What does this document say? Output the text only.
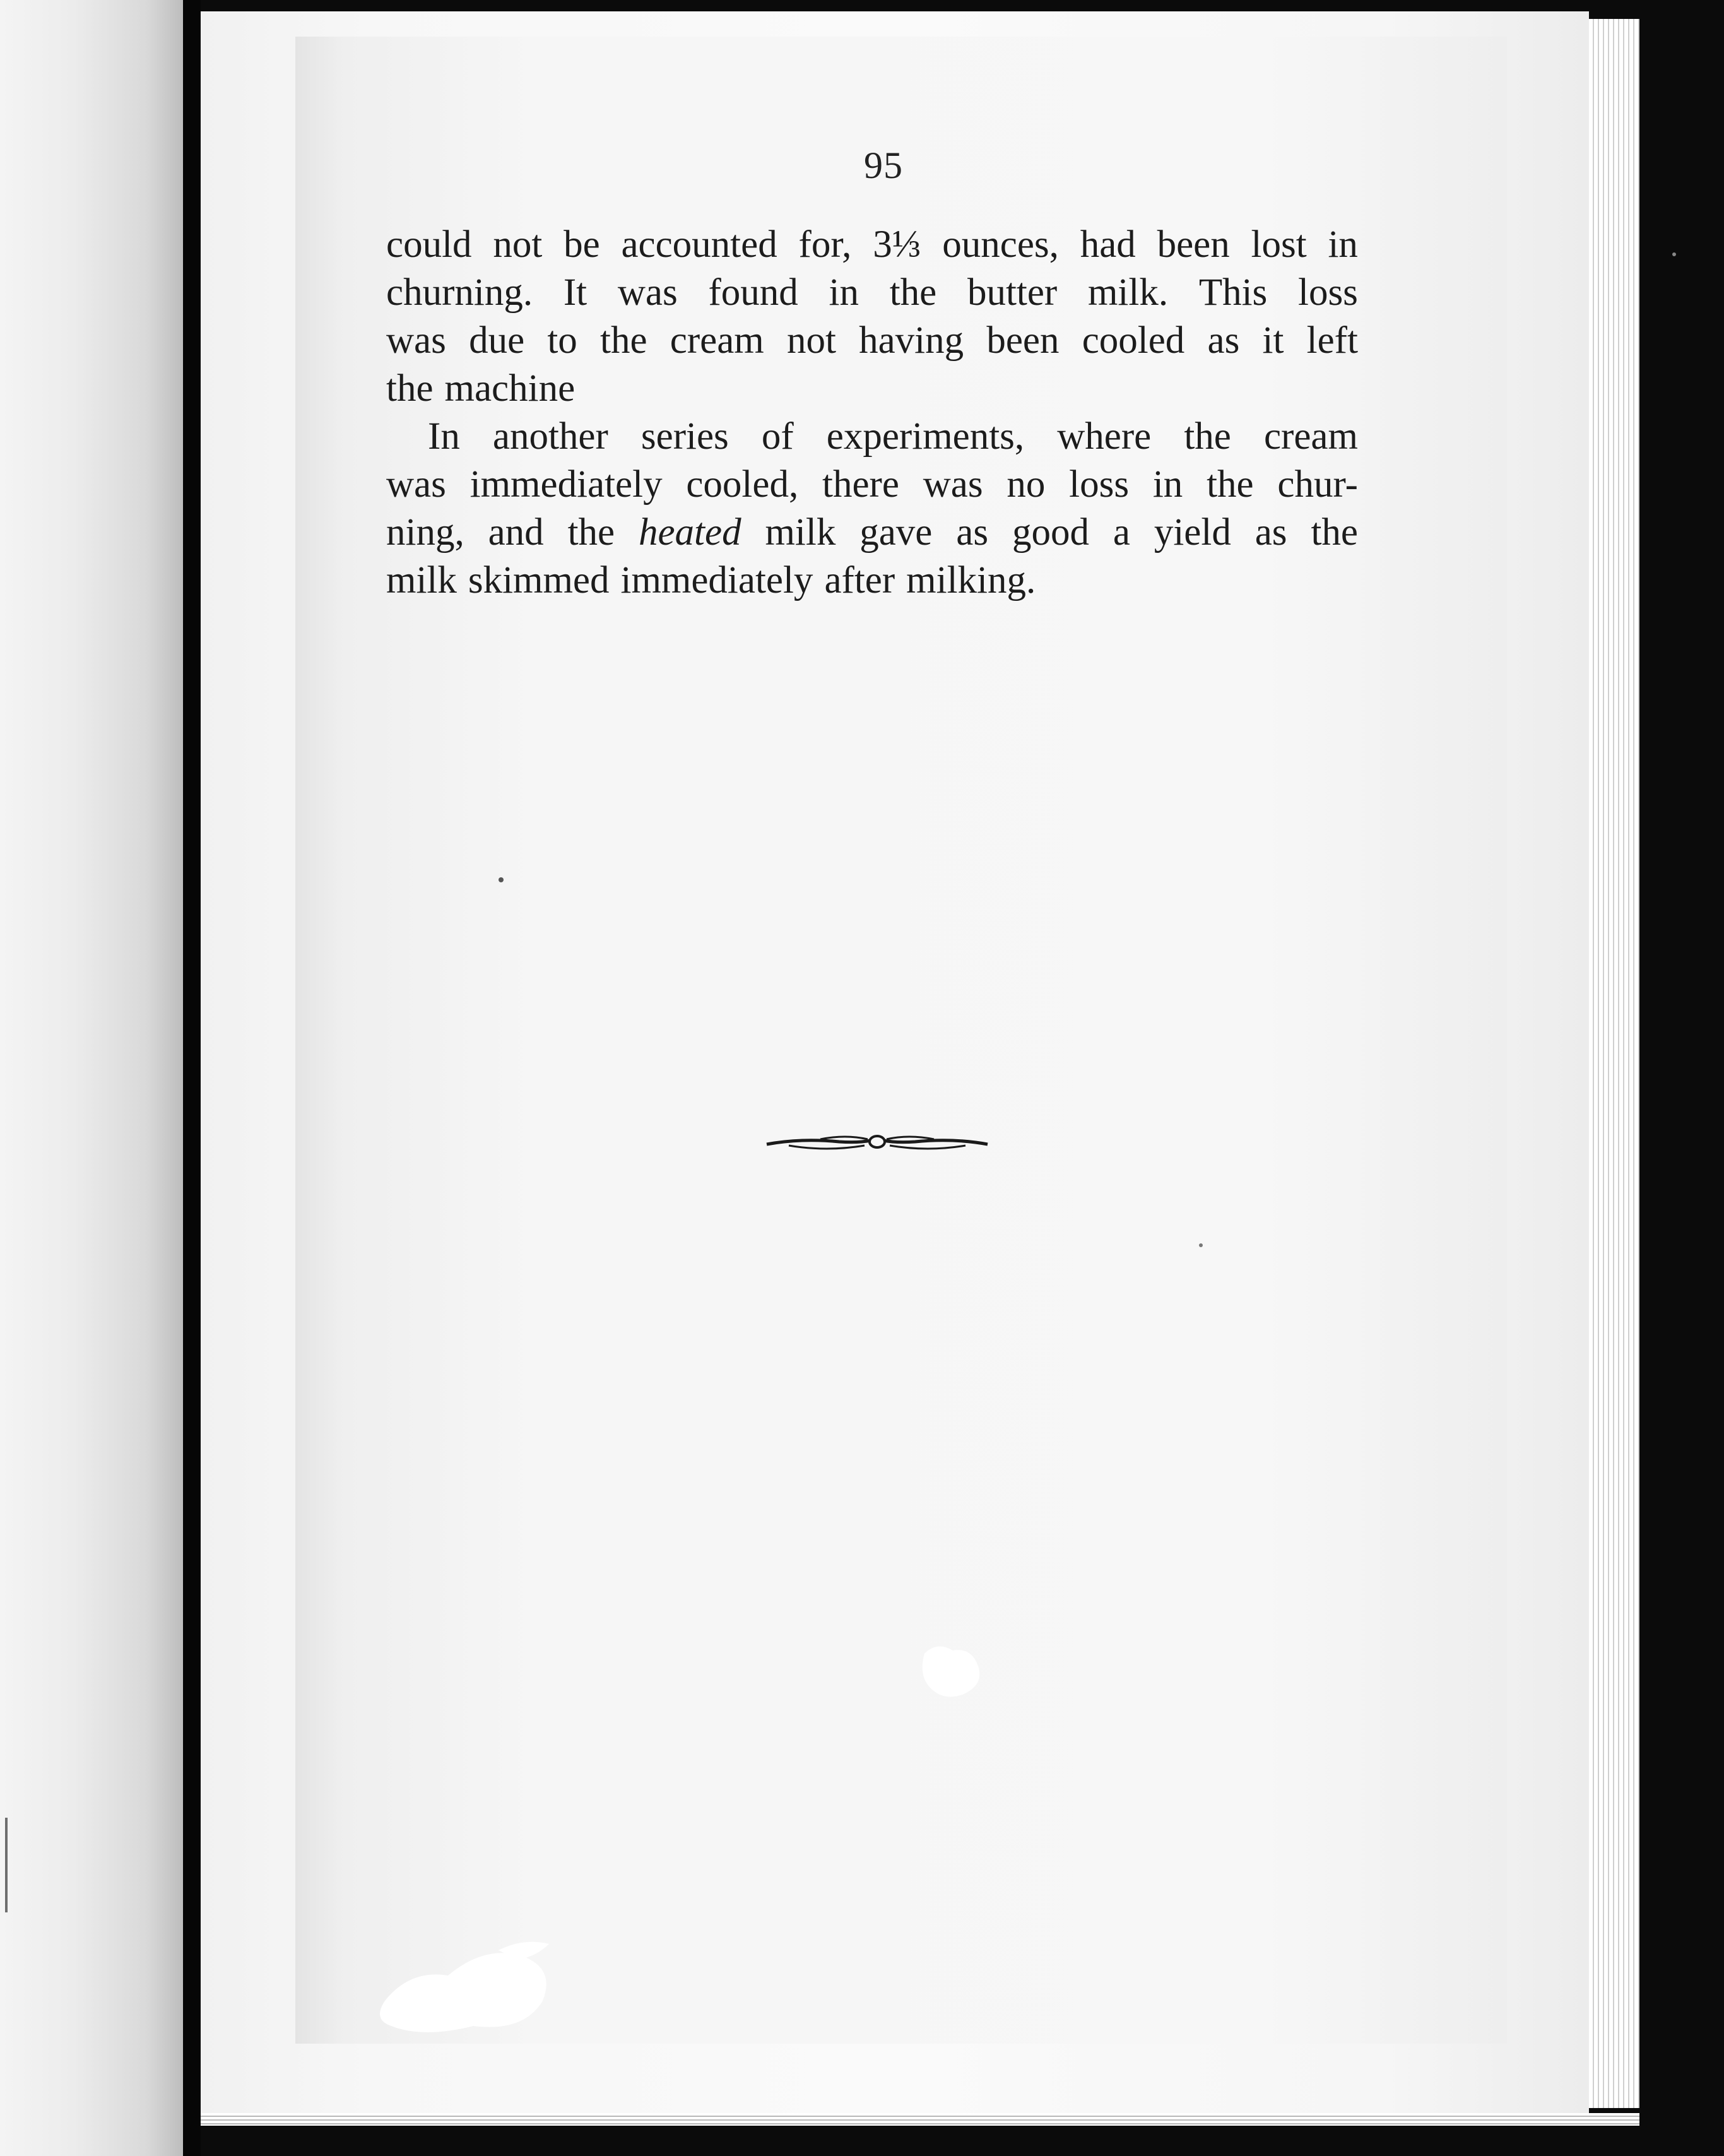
95
could not be accounted for, 3⅓ ounces, had been lost in
churning. It was found in the butter milk. This loss
was due to the cream not having been cooled as it left
the machine
In another series of experiments, where the cream
was immediately cooled, there was no loss in the chur-
ning, and the heated milk gave as good a yield as the
milk skimmed immediately after milking.
